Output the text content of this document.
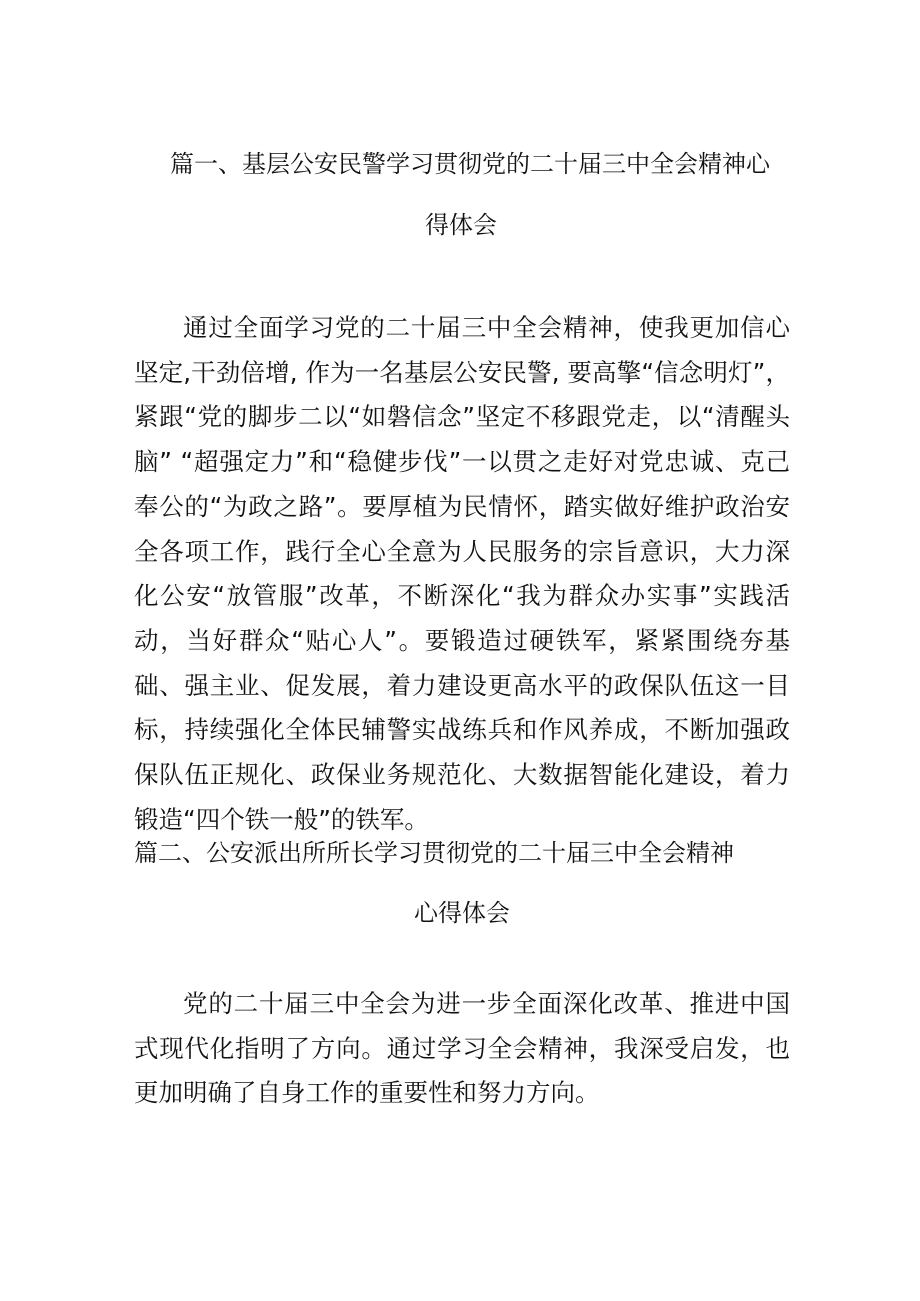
篇一、基层公安民警学习贯彻党的二十届三中全会精神心
得体会

通过全面学习党的二十届三中全会精神，使我更加信心坚定,干劲倍增, 作为一名基层公安民警, 要高擎“信念明灯”，紧跟“党的脚步二以“如磐信念”坚定不移跟党走，以“清醒头脑” “超强定力”和“稳健步伐”一以贯之走好对党忠诚、克己奉公的“为政之路”。要厚植为民情怀，踏实做好维护政治安全各项工作，践行全心全意为人民服务的宗旨意识，大力深化公安“放管服”改革，不断深化“我为群众办实事”实践活动，当好群众“贴心人”。要锻造过硬铁军，紧紧围绕夯基础、强主业、促发展，着力建设更高水平的政保队伍这一目标，持续强化全体民辅警实战练兵和作风养成，不断加强政保队伍正规化、政保业务规范化、大数据智能化建设，着力锻造“四个铁一般”的铁军。

篇二、公安派出所所长学习贯彻党的二十届三中全会精神
心得体会

党的二十届三中全会为进一步全面深化改革、推进中国式现代化指明了方向。通过学习全会精神，我深受启发，也更加明确了自身工作的重要性和努力方向。
